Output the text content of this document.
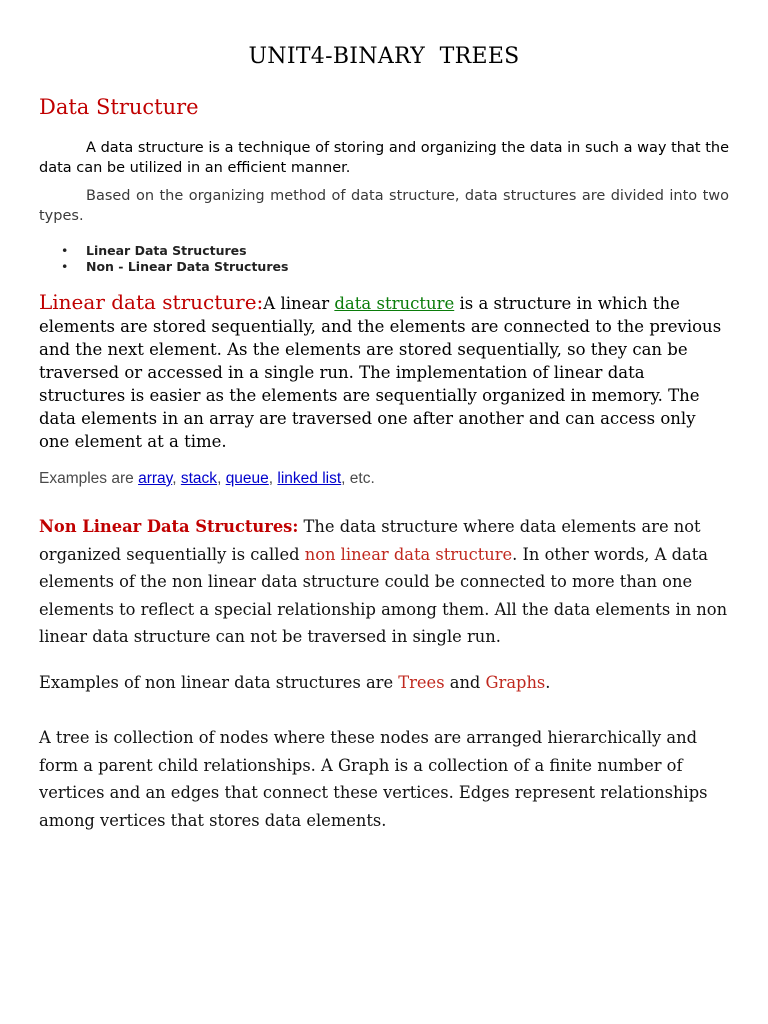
UNIT4-BINARY  TREES
Data Structure

A data structure is a technique of storing and organizing the data in such a way that the data can be utilized in an efficient manner.

Based on the organizing method of data structure, data structures are divided into two types.

• Linear Data Structures
• Non - Linear Data Structures

Linear data structure:A linear data structure is a structure in which the elements are stored sequentially, and the elements are connected to the previous and the next element. As the elements are stored sequentially, so they can be traversed or accessed in a single run. The implementation of linear data structures is easier as the elements are sequentially organized in memory. The data elements in an array are traversed one after another and can access only one element at a time.

Examples are array, stack, queue, linked list, etc.

Non Linear Data Structures: The data structure where data elements are not organized sequentially is called non linear data structure. In other words, A data elements of the non linear data structure could be connected to more than one elements to reflect a special relationship among them. All the data elements in non linear data structure can not be traversed in single run.

Examples of non linear data structures are Trees and Graphs.

A tree is collection of nodes where these nodes are arranged hierarchically and form a parent child relationships. A Graph is a collection of a finite number of vertices and an edges that connect these vertices. Edges represent relationships among vertices that stores data elements.
